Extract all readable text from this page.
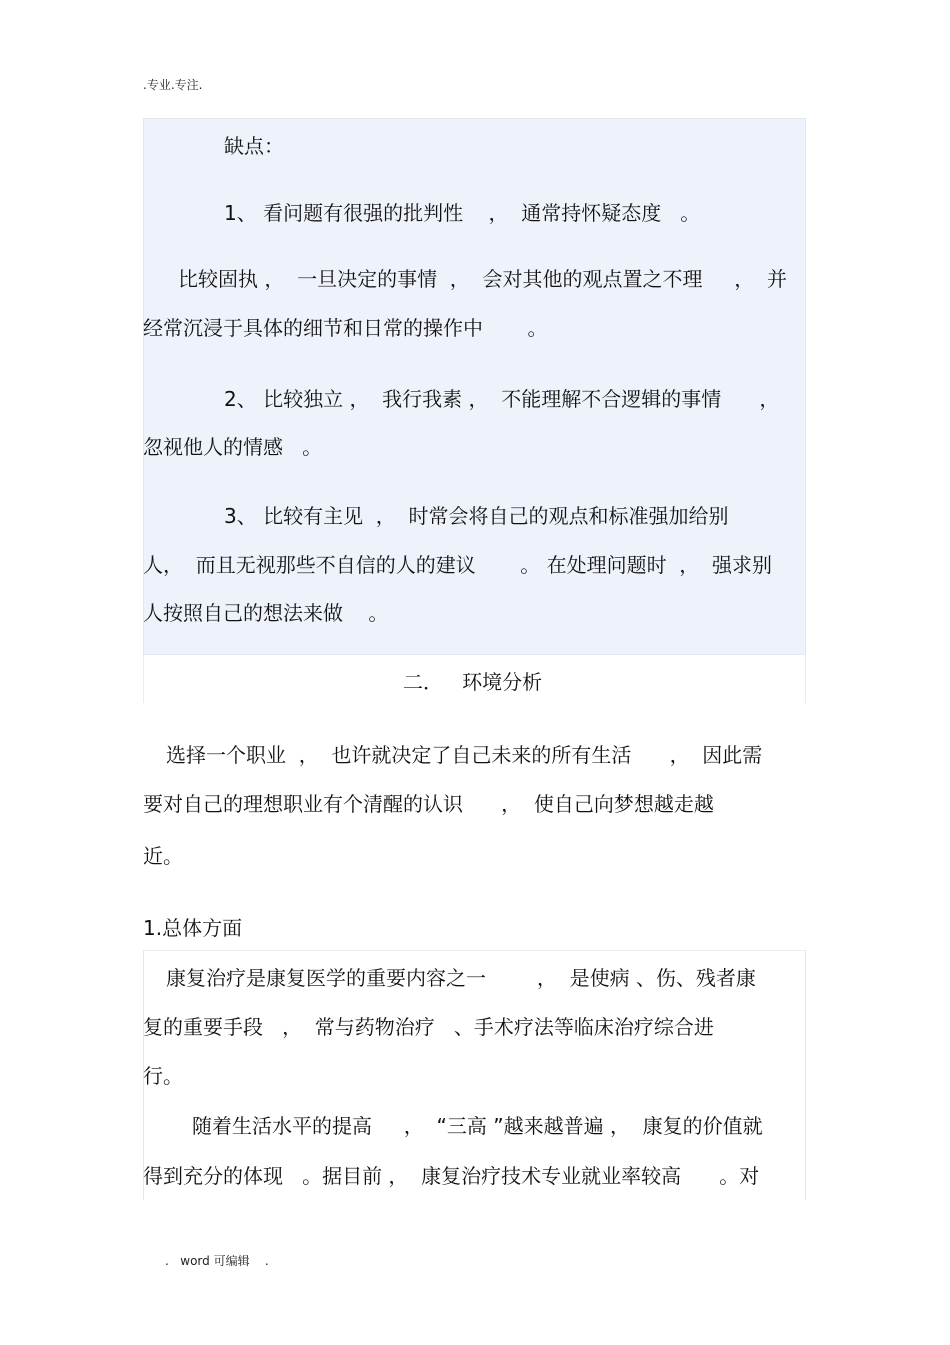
.专业.专注.
缺点：
1、 看问题有很强的批判性    ，  通常持怀疑态度   。
比较固执 ，  一旦决定的事情  ，  会对其他的观点置之不理     ，  并
经常沉浸于具体的细节和日常的操作中       。
2、 比较独立 ，  我行我素 ，  不能理解不合逻辑的事情      ，
忽视他人的情感   。
3、 比较有主见  ，  时常会将自己的观点和标准强加给别
人，  而且无视那些不自信的人的建议       。 在处理问题时  ，  强求别
人按照自己的想法来做    。
二．   环境分析
选择一个职业  ，  也许就决定了自己未来的所有生活      ，  因此需
要对自己的理想职业有个清醒的认识      ，  使自己向梦想越走越
近。
1.总体方面
康复治疗是康复医学的重要内容之一        ，  是使病 、伤、残者康
复的重要手段   ，  常与药物治疗   、手术疗法等临床治疗综合进
行。
随着生活水平的提高     ，  “三高 ”越来越普遍 ，  康复的价值就
得到充分的体现   。据目前 ，  康复治疗技术专业就业率较高      。对
.   word 可编辑    .
